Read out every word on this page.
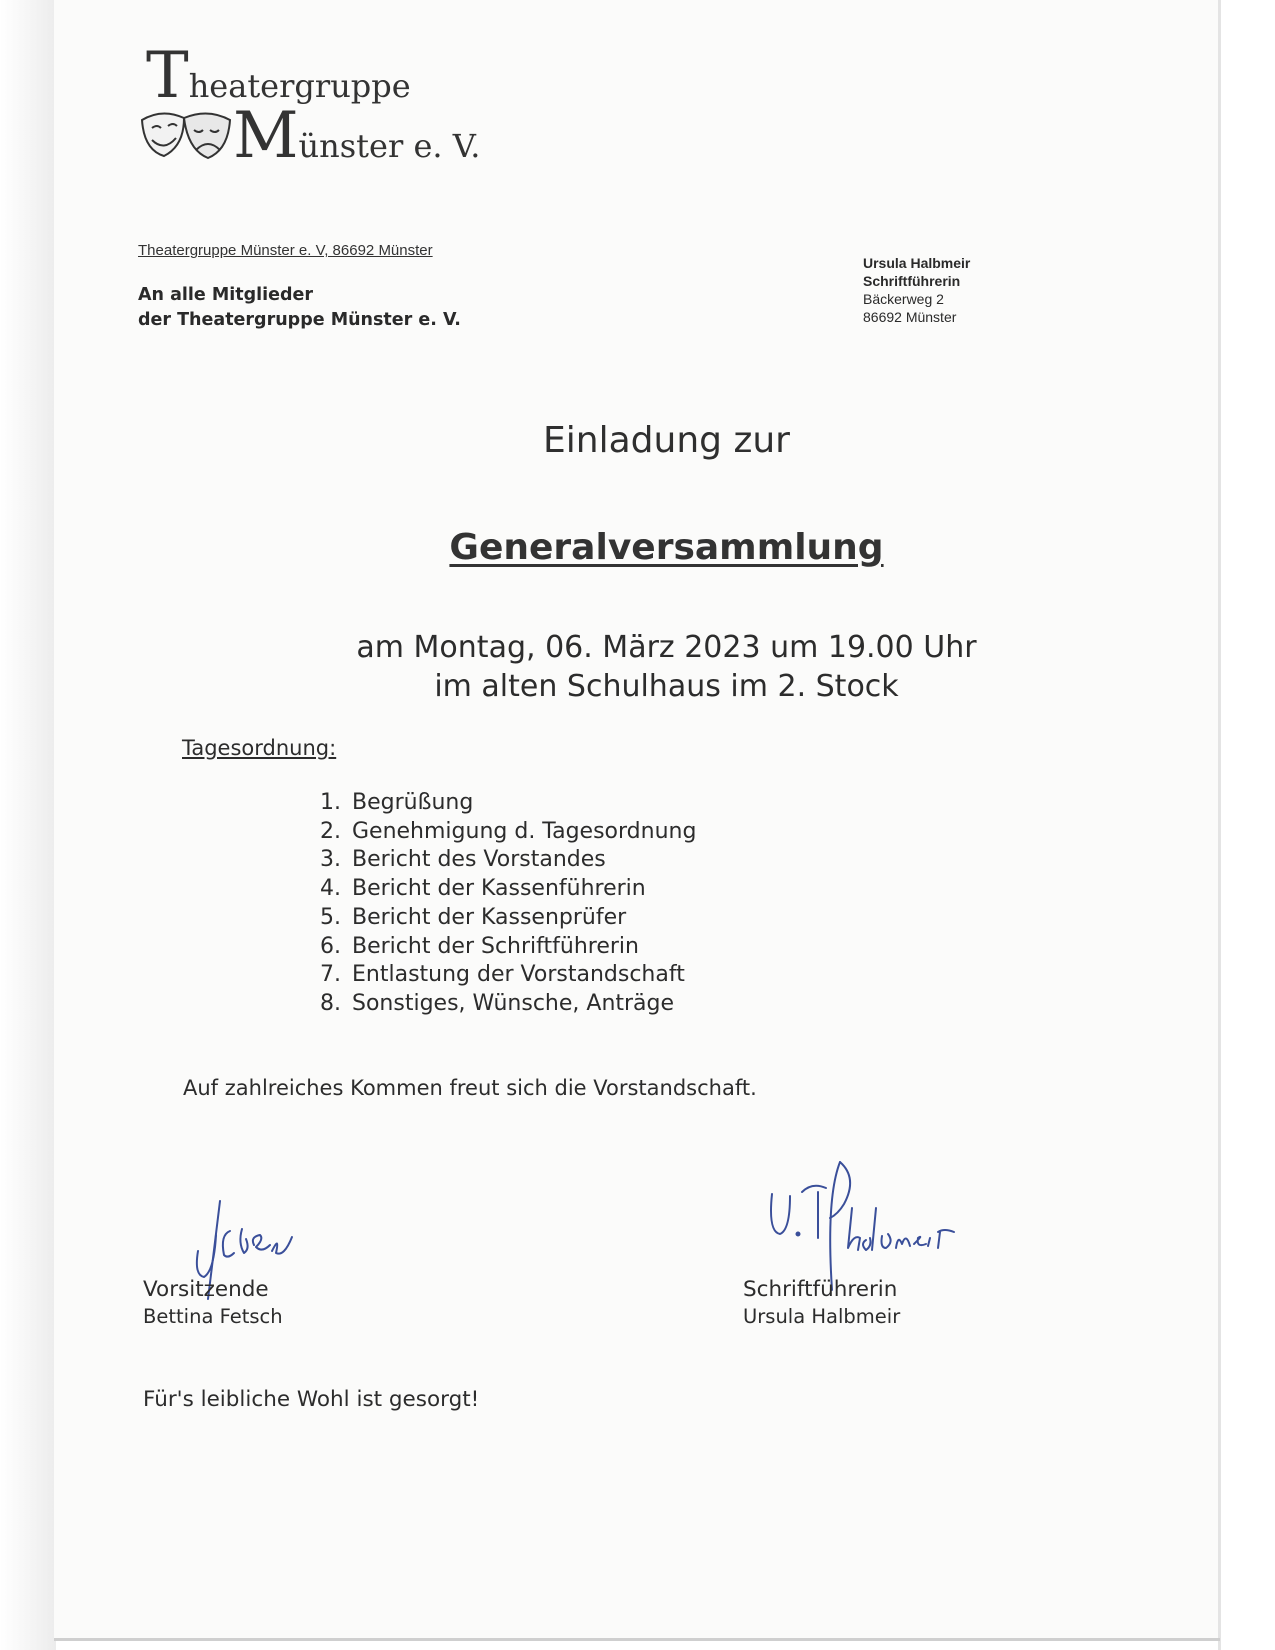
Theatergruppe
Münster e. V.
Theatergruppe Münster e. V, 86692 Münster
An alle Mitglieder
der Theatergruppe Münster e. V.
Ursula Halbmeir
Schriftführerin
Bäckerweg 2
86692 Münster
Einladung zur
Generalversammlung
am Montag, 06. März 2023 um 19.00 Uhr
im alten Schulhaus im 2. Stock
Tagesordnung:
1. Begrüßung
2. Genehmigung d. Tagesordnung
3. Bericht des Vorstandes
4. Bericht der Kassenführerin
5. Bericht der Kassenprüfer
6. Bericht der Schriftführerin
7. Entlastung der Vorstandschaft
8. Sonstiges, Wünsche, Anträge
Auf zahlreiches Kommen freut sich die Vorstandschaft.
Vorsitzende
Bettina Fetsch
Schriftführerin
Ursula Halbmeir
Für's leibliche Wohl ist gesorgt!
